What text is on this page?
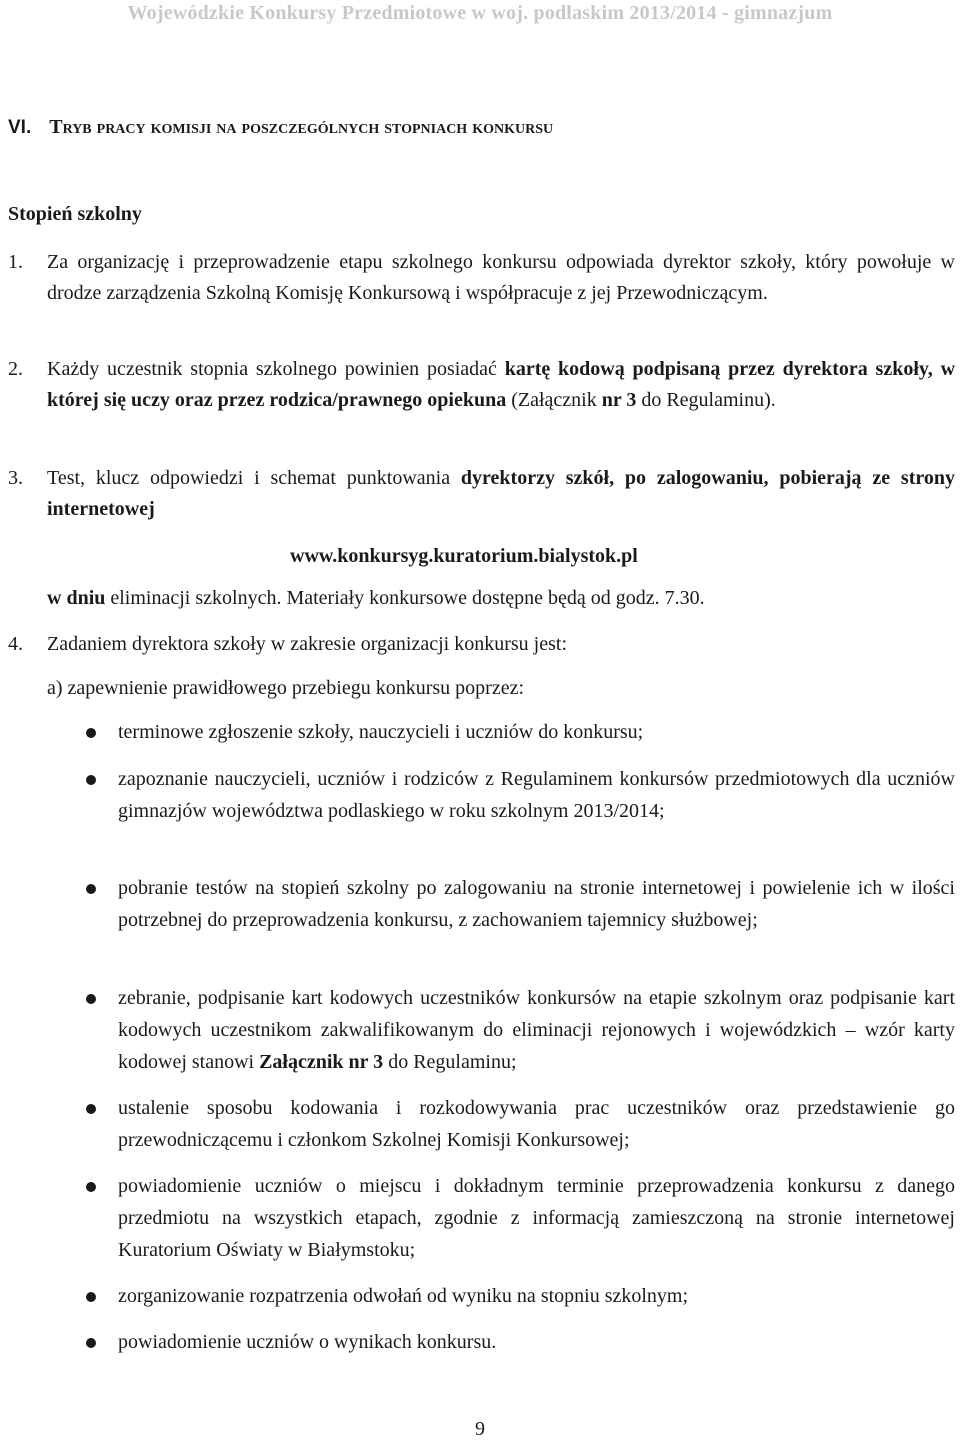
Wojewódzkie Konkursy Przedmiotowe w woj. podlaskim 2013/2014 - gimnazjum
VI. Tryb pracy komisji na poszczególnych stopniach konkursu
Stopień szkolny
1. Za organizację i przeprowadzenie etapu szkolnego konkursu odpowiada dyrektor szkoły, który powołuje w drodze zarządzenia Szkolną Komisję Konkursową i współpracuje z jej Przewodniczącym.
2. Każdy uczestnik stopnia szkolnego powinien posiadać kartę kodową podpisaną przez dyrektora szkoły, w której się uczy oraz przez rodzica/prawnego opiekuna (Załącznik nr 3 do Regulaminu).
3. Test, klucz odpowiedzi i schemat punktowania dyrektorzy szkół, po zalogowaniu, pobierają ze strony internetowej
www.konkursyg.kuratorium.bialystok.pl
w dniu eliminacji szkolnych. Materiały konkursowe dostępne będą od godz. 7.30.
4. Zadaniem dyrektora szkoły w zakresie organizacji konkursu jest:
a) zapewnienie prawidłowego przebiegu konkursu poprzez:
terminowe zgłoszenie szkoły, nauczycieli i uczniów do konkursu;
zapoznanie nauczycieli, uczniów i rodziców z Regulaminem konkursów przedmiotowych dla uczniów gimnazjów województwa podlaskiego w roku szkolnym 2013/2014;
pobranie testów na stopień szkolny po zalogowaniu na stronie internetowej i powielenie ich w ilości potrzebnej do przeprowadzenia konkursu, z zachowaniem tajemnicy służbowej;
zebranie, podpisanie kart kodowych uczestników konkursów na etapie szkolnym oraz podpisanie kart kodowych uczestnikom zakwalifikowanym do eliminacji rejonowych i wojewódzkich – wzór karty kodowej stanowi Załącznik nr 3 do Regulaminu;
ustalenie sposobu kodowania i rozkodowywania prac uczestników oraz przedstawienie go przewodniczącemu i członkom Szkolnej Komisji Konkursowej;
powiadomienie uczniów o miejscu i dokładnym terminie przeprowadzenia konkursu z danego przedmiotu na wszystkich etapach, zgodnie z informacją zamieszczoną na stronie internetowej Kuratorium Oświaty w Białymstoku;
zorganizowanie rozpatrzenia odwołań od wyniku na stopniu szkolnym;
powiadomienie uczniów o wynikach konkursu.
9
